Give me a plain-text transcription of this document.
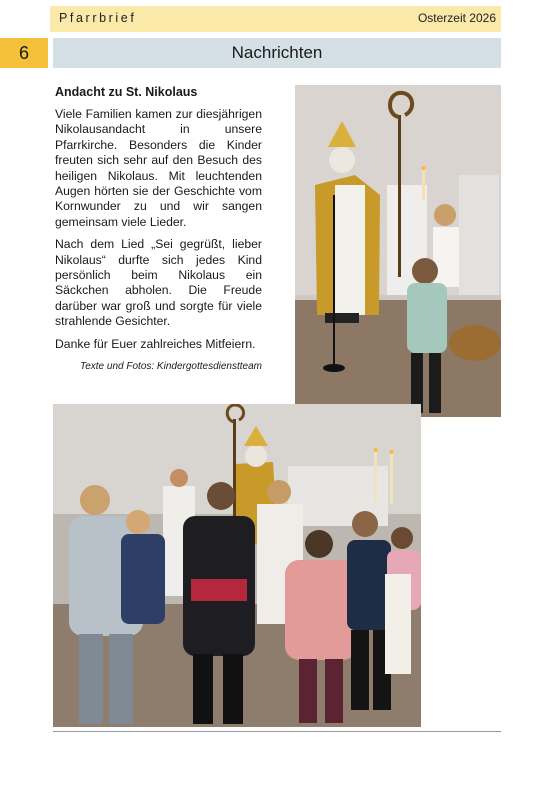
Pfarrbrief	Osterzeit 2026
6	Nachrichten
Andacht zu St. Nikolaus

Viele Familien kamen zur diesjährigen Nikolausandacht in unsere Pfarrkirche. Besonders die Kinder freuten sich sehr auf den Besuch des heiligen Nikolaus. Mit leuchtenden Augen hörten sie der Geschichte vom Kornwunder zu und wir sangen gemeinsam viele Lieder.

Nach dem Lied „Sei gegrüßt, lieber Nikolaus“ durfte sich jedes Kind persönlich beim Nikolaus ein Säckchen abholen. Die Freude darüber war groß und sorgte für viele strahlende Gesichter.

Danke für Euer zahlreiches Mitfeiern.

Texte und Fotos: Kindergottesdienstteam
